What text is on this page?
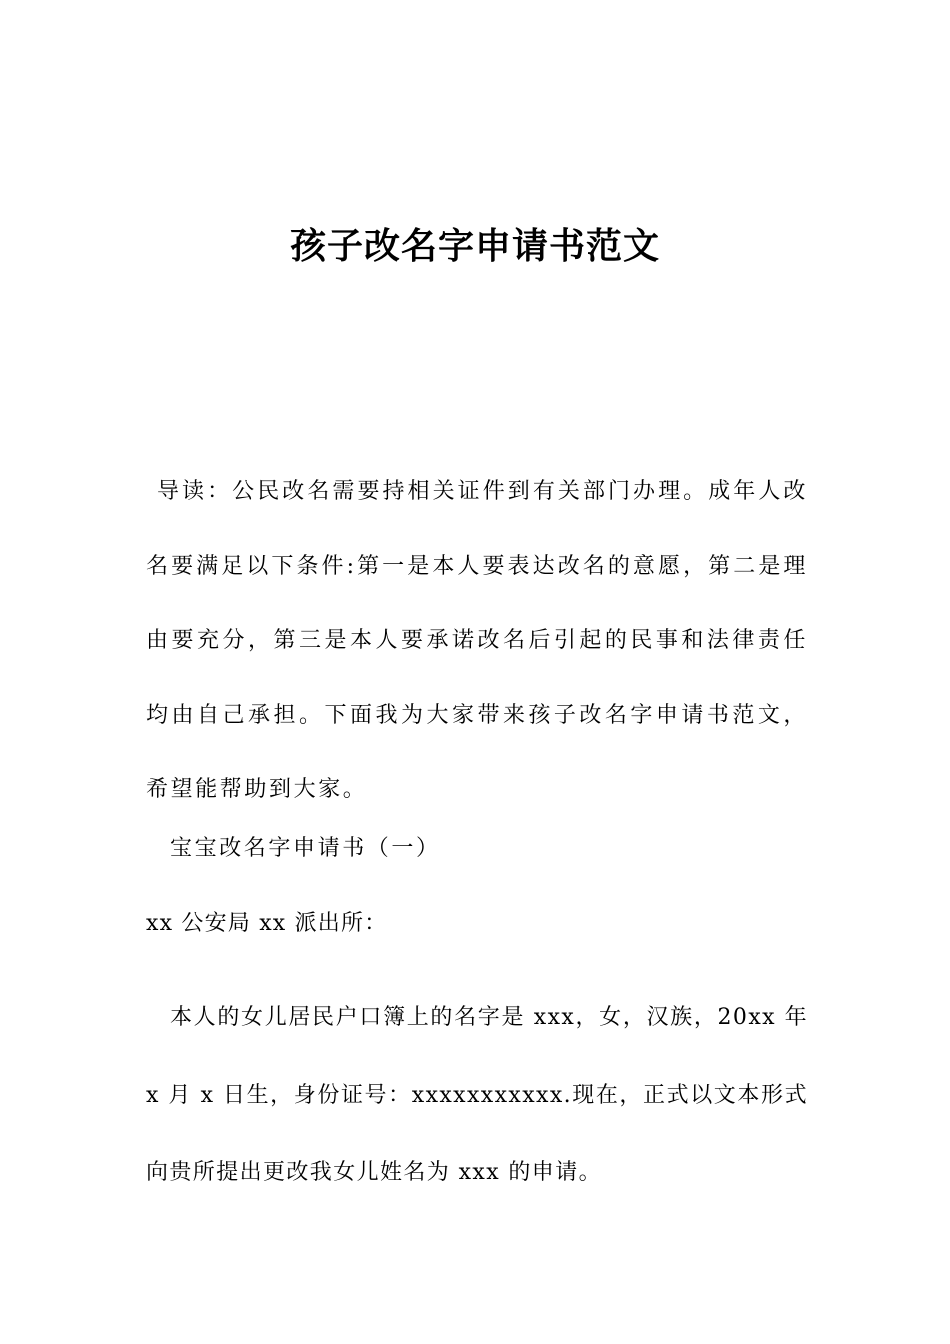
孩子改名字申请书范文

导读：公民改名需要持相关证件到有关部门办理。成年人改名要满足以下条件:第一是本人要表达改名的意愿，第二是理由要充分，第三是本人要承诺改名后引起的民事和法律责任均由自己承担。下面我为大家带来孩子改名字申请书范文，希望能帮助到大家。

宝宝改名字申请书（一）

xx 公安局 xx 派出所：

本人的女儿居民户口簿上的名字是 xxx，女，汉族，20xx 年 x 月 x 日生，身份证号：xxxxxxxxxxx.现在，正式以文本形式向贵所提出更改我女儿姓名为 xxx 的申请。
